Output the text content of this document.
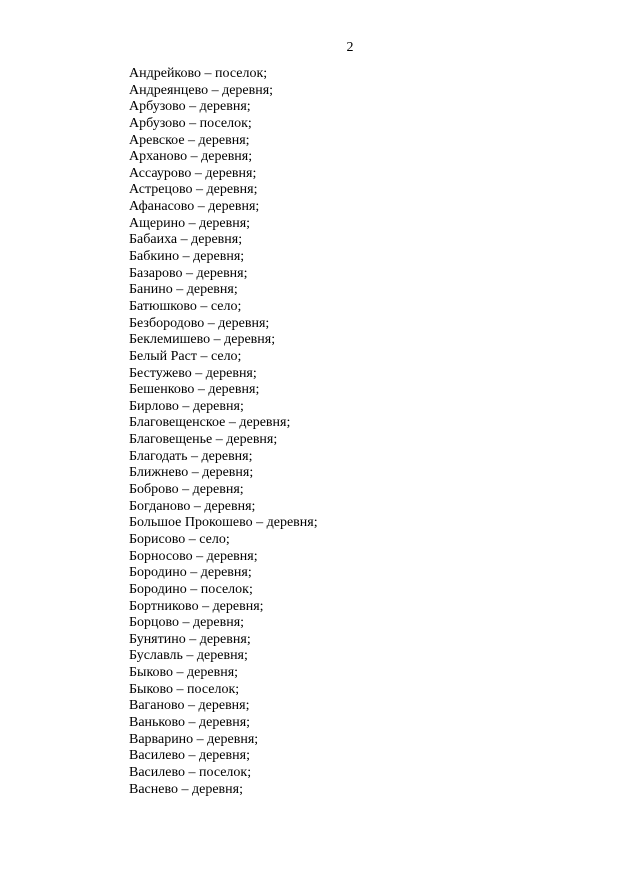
2
Андрейково – поселок;
Андреянцево – деревня;
Арбузово – деревня;
Арбузово – поселок;
Аревское – деревня;
Арханово – деревня;
Ассаурово – деревня;
Астрецово – деревня;
Афанасово – деревня;
Ащерино – деревня;
Бабаиха – деревня;
Бабкино – деревня;
Базарово – деревня;
Банино – деревня;
Батюшково – село;
Безбородово – деревня;
Беклемишево – деревня;
Белый Раст – село;
Бестужево – деревня;
Бешенково – деревня;
Бирлово – деревня;
Благовещенское – деревня;
Благовещенье – деревня;
Благодать – деревня;
Ближнево – деревня;
Боброво – деревня;
Богданово – деревня;
Большое Прокошево – деревня;
Борисово – село;
Борносово – деревня;
Бородино – деревня;
Бородино – поселок;
Бортниково – деревня;
Борцово – деревня;
Бунятино – деревня;
Буславль – деревня;
Быково – деревня;
Быково – поселок;
Ваганово – деревня;
Ваньково – деревня;
Варварино – деревня;
Василево – деревня;
Василево – поселок;
Васнево – деревня;
